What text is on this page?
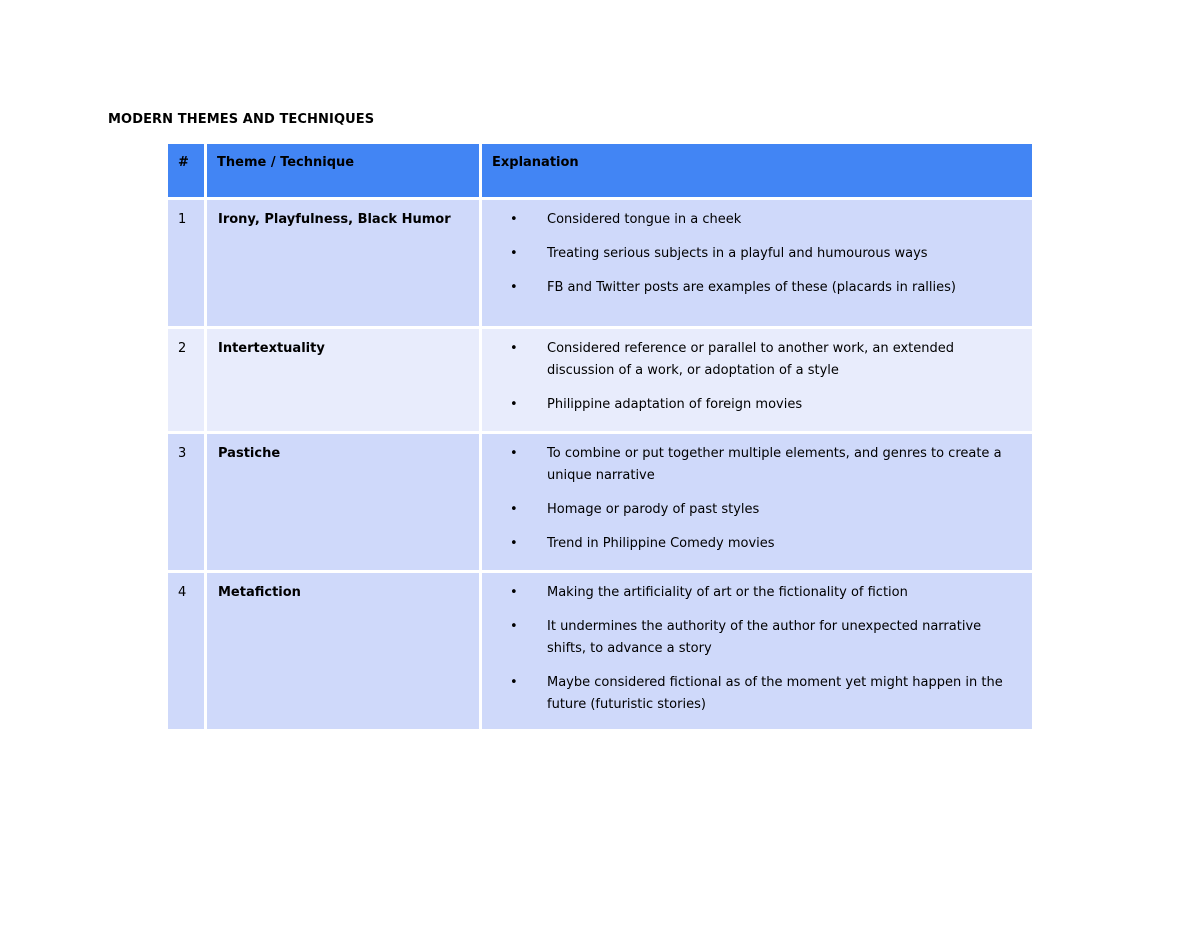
MODERN THEMES AND TECHNIQUES
#	Theme / Technique	Explanation
1	Irony, Playfulness, Black Humor	• Considered tongue in a cheek
• Treating serious subjects in a playful and humourous ways
• FB and Twitter posts are examples of these (placards in rallies)
2	Intertextuality	• Considered reference or parallel to another work, an extended discussion of a work, or adoptation of a style
• Philippine adaptation of foreign movies
3	Pastiche	• To combine or put together multiple elements, and genres to create a unique narrative
• Homage or parody of past styles
• Trend in Philippine Comedy movies
4	Metafiction	• Making the artificiality of art or the fictionality of fiction
• It undermines the authority of the author for unexpected narrative shifts, to advance a story
• Maybe considered fictional as of the moment yet might happen in the future (futuristic stories)
